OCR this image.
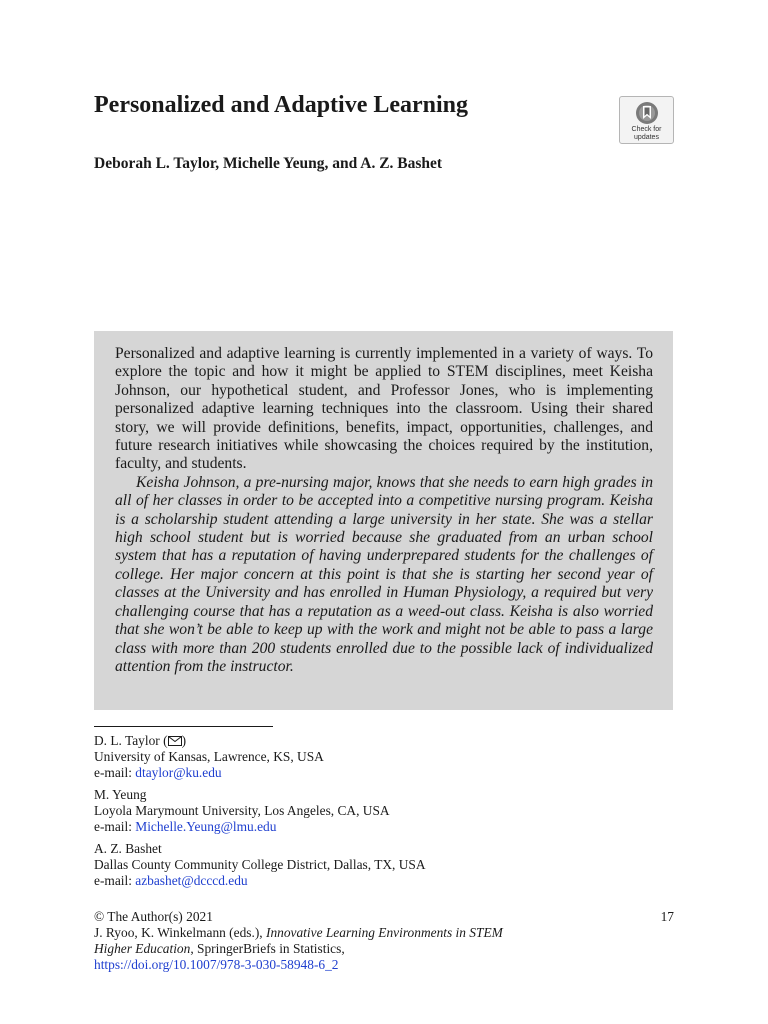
Personalized and Adaptive Learning
Check for
updates
Deborah L. Taylor, Michelle Yeung, and A. Z. Bashet

Personalized and adaptive learning is currently implemented in a variety of ways. To explore the topic and how it might be applied to STEM disciplines, meet Keisha Johnson, our hypothetical student, and Professor Jones, who is implementing personalized adaptive learning techniques into the classroom. Using their shared story, we will provide definitions, benefits, impact, opportunities, challenges, and future research initiatives while showcasing the choices required by the institution, faculty, and students.

Keisha Johnson, a pre-nursing major, knows that she needs to earn high grades in all of her classes in order to be accepted into a competitive nursing program. Keisha is a scholarship student attending a large university in her state. She was a stellar high school student but is worried because she graduated from an urban school system that has a reputation of having underprepared students for the challenges of college. Her major concern at this point is that she is starting her second year of classes at the University and has enrolled in Human Physiology, a required but very challenging course that has a reputation as a weed-out class. Keisha is also worried that she won’t be able to keep up with the work and might not be able to pass a large class with more than 200 students enrolled due to the possible lack of individualized attention from the instructor.

D. L. Taylor ( )
University of Kansas, Lawrence, KS, USA
e-mail: dtaylor@ku.edu
M. Yeung
Loyola Marymount University, Los Angeles, CA, USA
e-mail: Michelle.Yeung@lmu.edu
A. Z. Bashet
Dallas County Community College District, Dallas, TX, USA
e-mail: azbashet@dcccd.edu
© The Author(s) 2021
J. Ryoo, K. Winkelmann (eds.), Innovative Learning Environments in STEM
Higher Education, SpringerBriefs in Statistics,
https://doi.org/10.1007/978-3-030-58948-6_2
17
